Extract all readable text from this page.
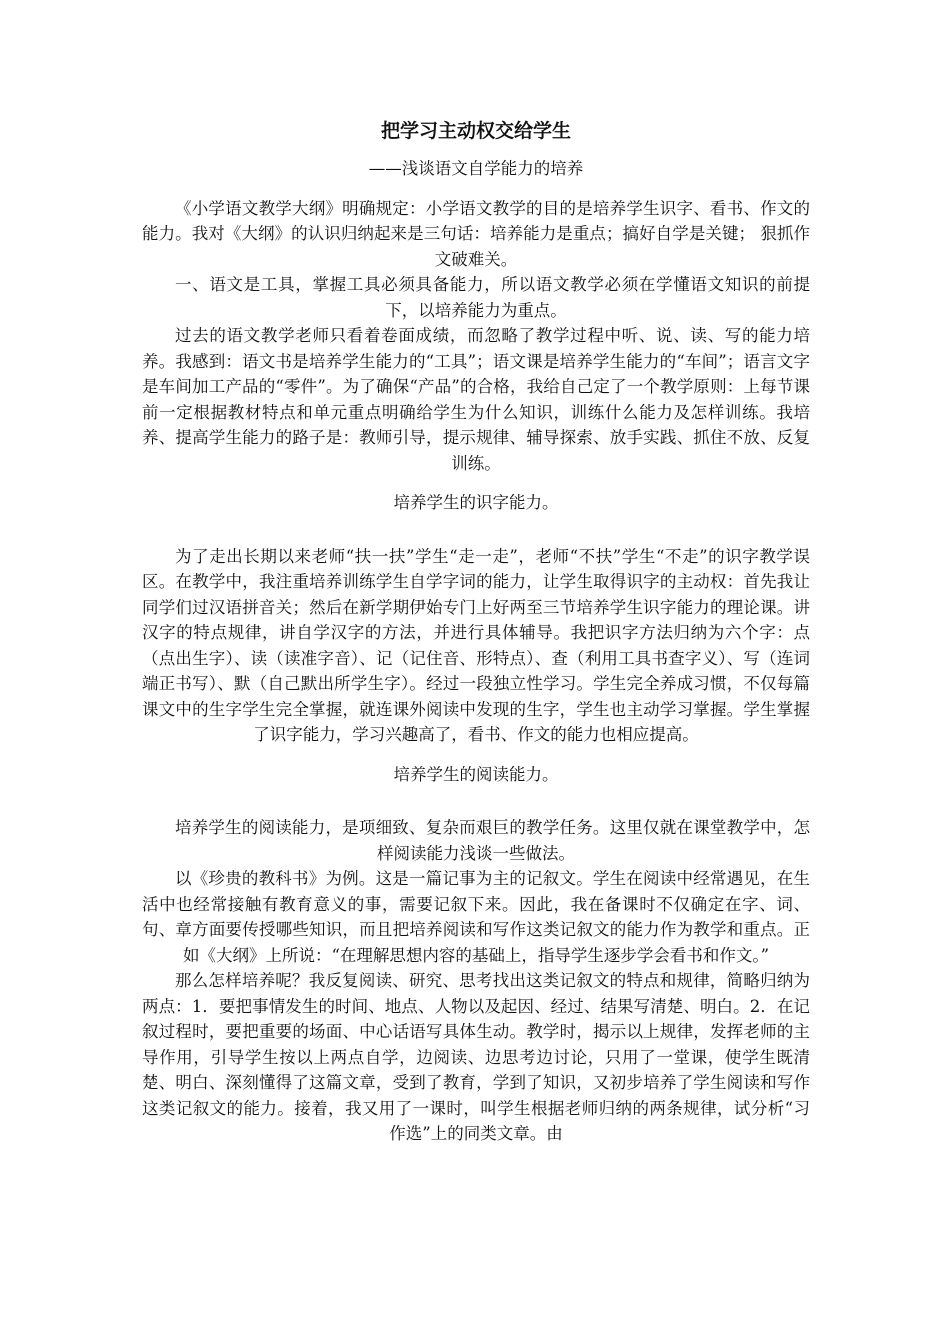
把学习主动权交给学生
——浅谈语文自学能力的培养

《小学语文教学大纲》明确规定：小学语文教学的目的是培养学生识字、看书、作文的能力。我对《大纲》的认识归纳起来是三句话：培养能力是重点；搞好自学是关键； 狠抓作文破难关。

一、语文是工具，掌握工具必须具备能力，所以语文教学必须在学懂语文知识的前提下，以培养能力为重点。

过去的语文教学老师只看着卷面成绩，而忽略了教学过程中听、说、读、写的能力培养。我感到：语文书是培养学生能力的“工具”；语文课是培养学生能力的“车间”；语言文字是车间加工产品的“零件”。为了确保“产品”的合格，我给自己定了一个教学原则：上每节课前一定根据教材特点和单元重点明确给学生为什么知识，训练什么能力及怎样训练。我培养、提高学生能力的路子是：教师引导，提示规律、辅导探索、放手实践、抓住不放、反复训练。

培养学生的识字能力。

为了走出长期以来老师“扶一扶”学生“走一走”，老师“不扶”学生“不走”的识字教学误区。在教学中，我注重培养训练学生自学字词的能力，让学生取得识字的主动权：首先我让同学们过汉语拼音关；然后在新学期伊始专门上好两至三节培养学生识字能力的理论课。讲汉字的特点规律，讲自学汉字的方法，并进行具体辅导。我把识字方法归纳为六个字：点（点出生字）、读（读准字音）、记（记住音、形特点）、查（利用工具书查字义）、写（连词端正书写）、默（自己默出所学生字）。经过一段独立性学习。学生完全养成习惯，不仅每篇课文中的生字学生完全掌握，就连课外阅读中发现的生字，学生也主动学习掌握。学生掌握了识字能力，学习兴趣高了，看书、作文的能力也相应提高。

培养学生的阅读能力。

培养学生的阅读能力，是项细致、复杂而艰巨的教学任务。这里仅就在课堂教学中，怎样阅读能力浅谈一些做法。

以《珍贵的教科书》为例。这是一篇记事为主的记叙文。学生在阅读中经常遇见，在生活中也经常接触有教育意义的事，需要记叙下来。因此，我在备课时不仅确定在字、词、句、章方面要传授哪些知识，而且把培养阅读和写作这类记叙文的能力作为教学和重点。正如《大纲》上所说：“在理解思想内容的基础上，指导学生逐步学会看书和作文。”

那么怎样培养呢？我反复阅读、研究、思考找出这类记叙文的特点和规律，简略归纳为两点：1．要把事情发生的时间、地点、人物以及起因、经过、结果写清楚、明白。2．在记叙过程时，要把重要的场面、中心话语写具体生动。教学时，揭示以上规律，发挥老师的主导作用，引导学生按以上两点自学，边阅读、边思考边讨论，只用了一堂课，使学生既清楚、明白、深刻懂得了这篇文章，受到了教育，学到了知识，又初步培养了学生阅读和写作这类记叙文的能力。接着，我又用了一课时，叫学生根据老师归纳的两条规律，试分析“习作选”上的同类文章。由
